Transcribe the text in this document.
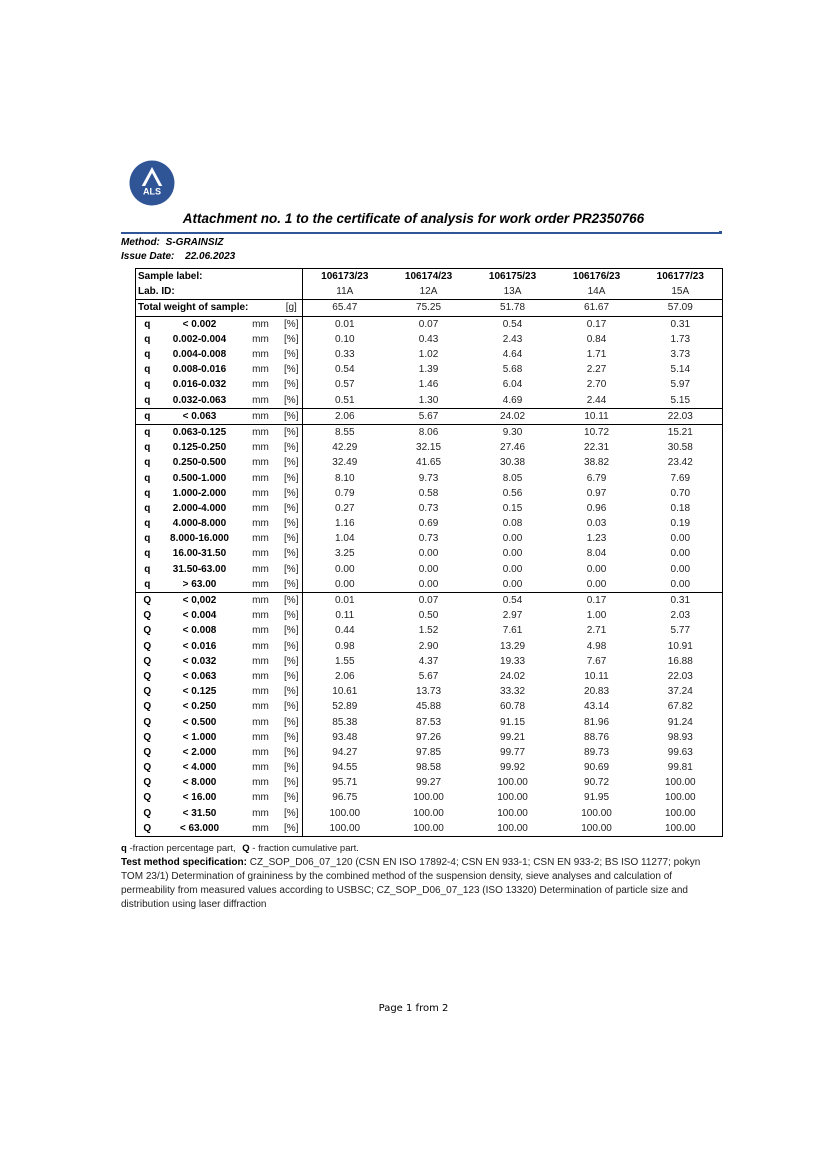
ALS
Attachment no. 1 to the certificate of analysis for work order PR2350766
Method: S-GRAINSIZ
Issue Date: 22.06.2023
Sample label:				106173/23	106174/23	106175/23	106176/23	106177/23
Lab. ID:				11A	12A	13A	14A	15A
Total weight of sample:			[g]	65.47	75.25	51.78	61.67	57.09
q	< 0.002	mm	[%]	0.01	0.07	0.54	0.17	0.31
q	0.002-0.004	mm	[%]	0.10	0.43	2.43	0.84	1.73
q	0.004-0.008	mm	[%]	0.33	1.02	4.64	1.71	3.73
q	0.008-0.016	mm	[%]	0.54	1.39	5.68	2.27	5.14
q	0.016-0.032	mm	[%]	0.57	1.46	6.04	2.70	5.97
q	0.032-0.063	mm	[%]	0.51	1.30	4.69	2.44	5.15
q	< 0.063	mm	[%]	2.06	5.67	24.02	10.11	22.03
q	0.063-0.125	mm	[%]	8.55	8.06	9.30	10.72	15.21
q	0.125-0.250	mm	[%]	42.29	32.15	27.46	22.31	30.58
q	0.250-0.500	mm	[%]	32.49	41.65	30.38	38.82	23.42
q	0.500-1.000	mm	[%]	8.10	9.73	8.05	6.79	7.69
q	1.000-2.000	mm	[%]	0.79	0.58	0.56	0.97	0.70
q	2.000-4.000	mm	[%]	0.27	0.73	0.15	0.96	0.18
q	4.000-8.000	mm	[%]	1.16	0.69	0.08	0.03	0.19
q	8.000-16.000	mm	[%]	1.04	0.73	0.00	1.23	0.00
q	16.00-31.50	mm	[%]	3.25	0.00	0.00	8.04	0.00
q	31.50-63.00	mm	[%]	0.00	0.00	0.00	0.00	0.00
q	> 63.00	mm	[%]	0.00	0.00	0.00	0.00	0.00
Q	< 0,002	mm	[%]	0.01	0.07	0.54	0.17	0.31
Q	< 0.004	mm	[%]	0.11	0.50	2.97	1.00	2.03
Q	< 0.008	mm	[%]	0.44	1.52	7.61	2.71	5.77
Q	< 0.016	mm	[%]	0.98	2.90	13.29	4.98	10.91
Q	< 0.032	mm	[%]	1.55	4.37	19.33	7.67	16.88
Q	< 0.063	mm	[%]	2.06	5.67	24.02	10.11	22.03
Q	< 0.125	mm	[%]	10.61	13.73	33.32	20.83	37.24
Q	< 0.250	mm	[%]	52.89	45.88	60.78	43.14	67.82
Q	< 0.500	mm	[%]	85.38	87.53	91.15	81.96	91.24
Q	< 1.000	mm	[%]	93.48	97.26	99.21	88.76	98.93
Q	< 2.000	mm	[%]	94.27	97.85	99.77	89.73	99.63
Q	< 4.000	mm	[%]	94.55	98.58	99.92	90.69	99.81
Q	< 8.000	mm	[%]	95.71	99.27	100.00	90.72	100.00
Q	< 16.00	mm	[%]	96.75	100.00	100.00	91.95	100.00
Q	< 31.50	mm	[%]	100.00	100.00	100.00	100.00	100.00
Q	< 63.000	mm	[%]	100.00	100.00	100.00	100.00	100.00
q -fraction percentage part, Q - fraction cumulative part.
Test method specification: CZ_SOP_D06_07_120 (CSN EN ISO 17892-4; CSN EN 933-1; CSN EN 933-2; BS ISO 11277; pokyn TOM 23/1) Determination of graininess by the combined method of the suspension density, sieve analyses and calculation of permeability from measured values according to USBSC; CZ_SOP_D06_07_123 (ISO 13320) Determination of particle size and distribution using laser diffraction
Page 1 from 2
